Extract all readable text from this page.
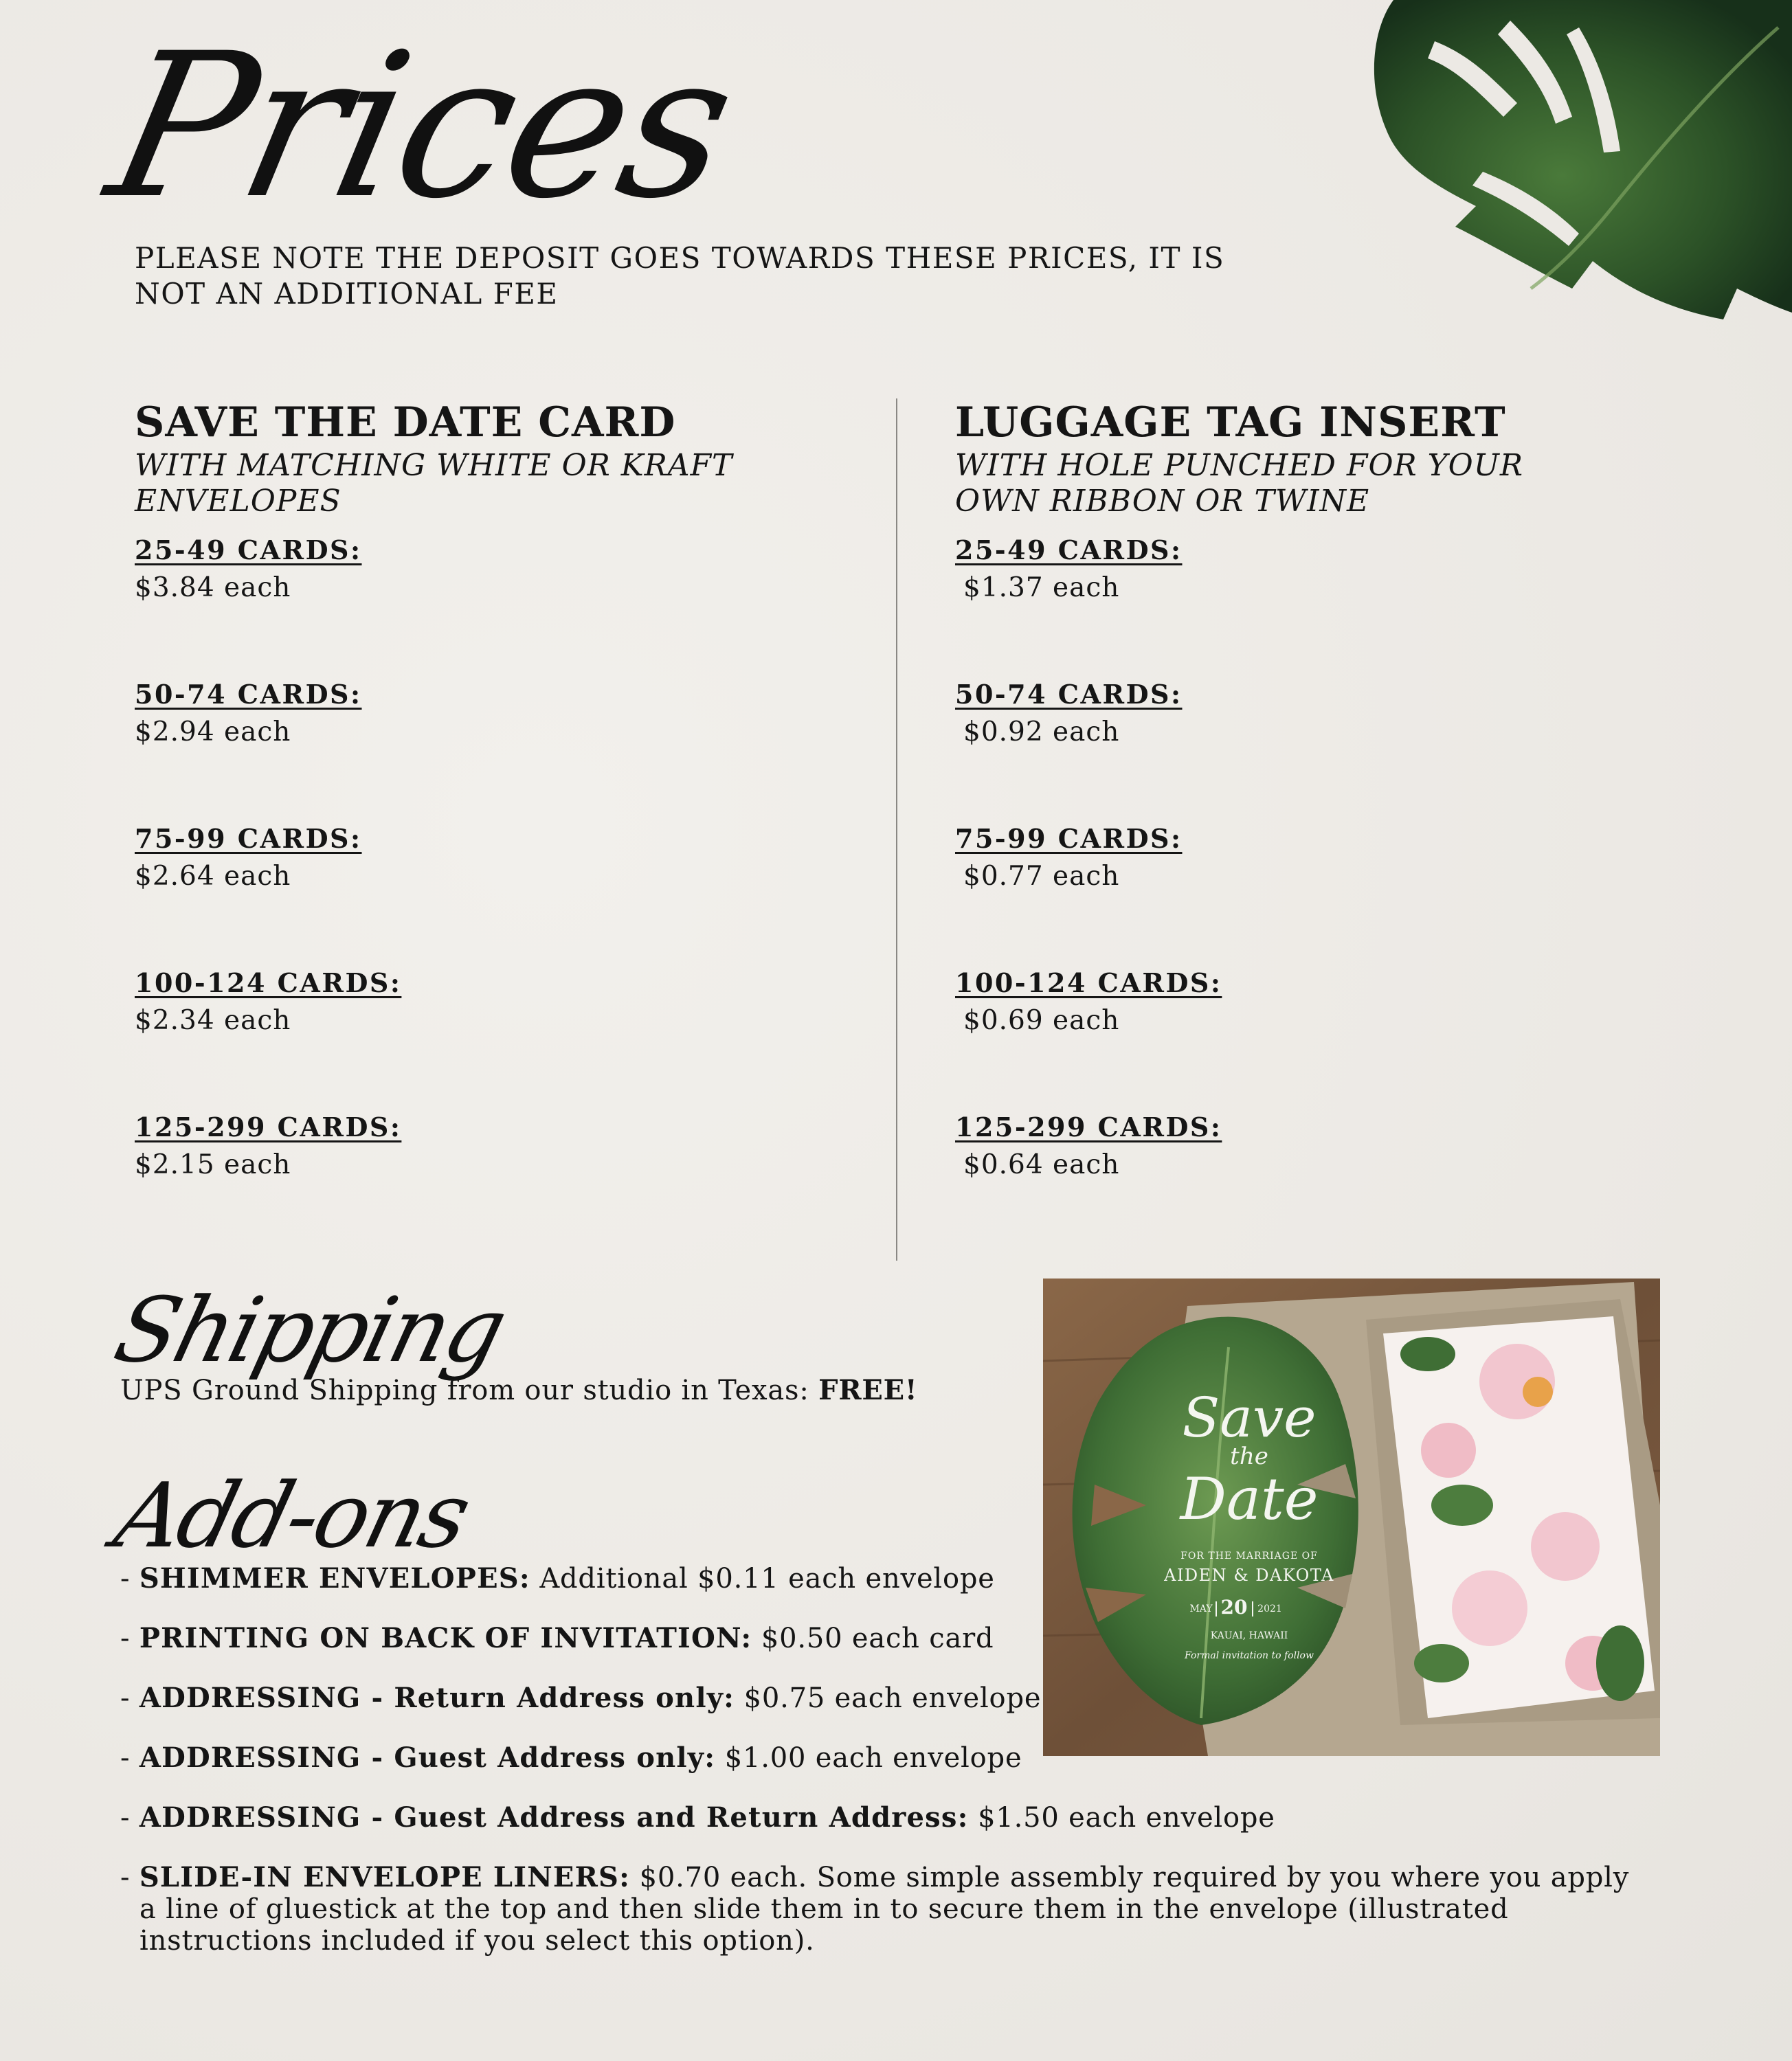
Prices
PLEASE NOTE THE DEPOSIT GOES TOWARDS THESE PRICES, IT IS NOT AN ADDITIONAL FEE
SAVE THE DATE CARD
WITH MATCHING WHITE OR KRAFT ENVELOPES
25-49 CARDS:
$3.84 each
50-74 CARDS:
$2.94 each
75-99 CARDS:
$2.64 each
100-124 CARDS:
$2.34 each
125-299 CARDS:
$2.15 each
LUGGAGE TAG INSERT
WITH HOLE PUNCHED FOR YOUR OWN RIBBON OR TWINE
25-49 CARDS:
$1.37 each
50-74 CARDS:
$0.92 each
75-99 CARDS:
$0.77 each
100-124 CARDS:
$0.69 each
125-299 CARDS:
$0.64 each
Shipping
UPS Ground Shipping from our studio in Texas: FREE!
Add-ons
- SHIMMER ENVELOPES: Additional $0.11 each envelope
- PRINTING ON BACK OF INVITATION: $0.50 each card
- ADDRESSING - Return Address only: $0.75 each envelope
- ADDRESSING - Guest Address only: $1.00 each envelope
- ADDRESSING - Guest Address and Return Address: $1.50 each envelope
- SLIDE-IN ENVELOPE LINERS: $0.70 each. Some simple assembly required by you where you apply a line of gluestick at the top and then slide them in to secure them in the envelope (illustrated instructions included if you select this option).
Save
the
Date
FOR THE MARRIAGE OF
AIDEN & DAKOTA
MAY 20 2021
KAUAI, HAWAII
Formal invitation to follow
